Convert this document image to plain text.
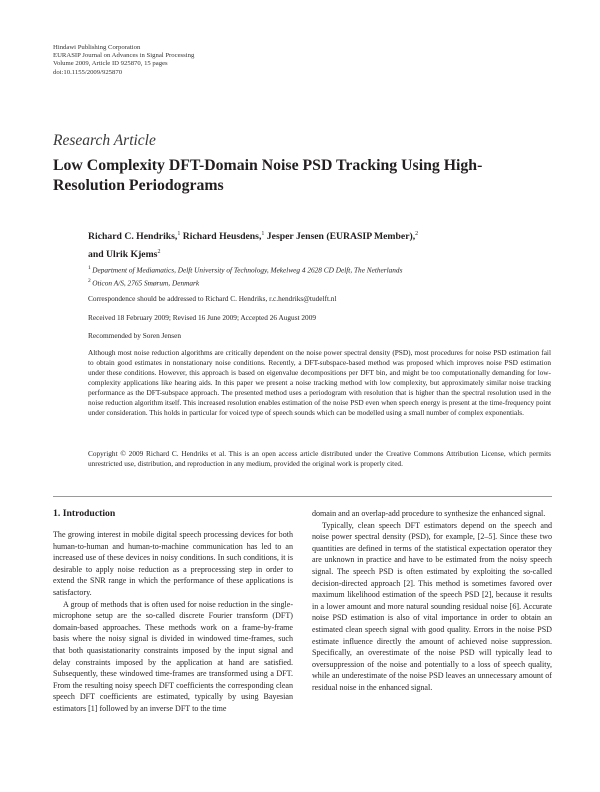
Hindawi Publishing Corporation
EURASIP Journal on Advances in Signal Processing
Volume 2009, Article ID 925870, 15 pages
doi:10.1155/2009/925870
Research Article
Low Complexity DFT-Domain Noise PSD Tracking Using High-Resolution Periodograms
Richard C. Hendriks,$^1$ Richard Heusdens,$^1$ Jesper Jensen (EURASIP Member),$^2$
and Ulrik Kjems$^2$
$^1$ Department of Mediamatics, Delft University of Technology, Mekelweg 4 2628 CD Delft, The Netherlands
$^2$ Oticon A/S, 2765 Smørum, Denmark
Correspondence should be addressed to Richard C. Hendriks, r.c.hendriks@tudelft.nl
Received 18 February 2009; Revised 16 June 2009; Accepted 26 August 2009
Recommended by Soren Jensen
Although most noise reduction algorithms are critically dependent on the noise power spectral density (PSD), most procedures for noise PSD estimation fail to obtain good estimates in nonstationary noise conditions. Recently, a DFT-subspace-based method was proposed which improves noise PSD estimation under these conditions. However, this approach is based on eigenvalue decompositions per DFT bin, and might be too computationally demanding for low-complexity applications like hearing aids. In this paper we present a noise tracking method with low complexity, but approximately similar noise tracking performance as the DFT-subspace approach. The presented method uses a periodogram with resolution that is higher than the spectral resolution used in the noise reduction algorithm itself. This increased resolution enables estimation of the noise PSD even when speech energy is present at the time-frequency point under consideration. This holds in particular for voiced type of speech sounds which can be modelled using a small number of complex exponentials.
Copyright © 2009 Richard C. Hendriks et al. This is an open access article distributed under the Creative Commons Attribution License, which permits unrestricted use, distribution, and reproduction in any medium, provided the original work is properly cited.
1. Introduction

The growing interest in mobile digital speech processing devices for both human-to-human and human-to-machine communication has led to an increased use of these devices in noisy conditions. In such conditions, it is desirable to apply noise reduction as a preprocessing step in order to extend the SNR range in which the performance of these applications is satisfactory.

A group of methods that is often used for noise reduction in the single-microphone setup are the so-called discrete Fourier transform (DFT) domain-based approaches. These methods work on a frame-by-frame basis where the noisy signal is divided in windowed time-frames, such that both quasistationarity constraints imposed by the input signal and delay constraints imposed by the application at hand are satisfied. Subsequently, these windowed time-frames are transformed using a DFT. From the resulting noisy speech DFT coefficients the corresponding clean speech DFT coefficients are estimated, typically by using Bayesian estimators [1] followed by an inverse DFT to the time

domain and an overlap-add procedure to synthesize the enhanced signal.

Typically, clean speech DFT estimators depend on the speech and noise power spectral density (PSD), for example, [2–5]. Since these two quantities are defined in terms of the statistical expectation operator they are unknown in practice and have to be estimated from the noisy speech signal. The speech PSD is often estimated by exploiting the so-called decision-directed approach [2]. This method is sometimes favored over maximum likelihood estimation of the speech PSD [2], because it results in a lower amount and more natural sounding residual noise [6]. Accurate noise PSD estimation is also of vital importance in order to obtain an estimated clean speech signal with good quality. Errors in the noise PSD estimate influence directly the amount of achieved noise suppression. Specifically, an overestimate of the noise PSD will typically lead to oversuppression of the noise and potentially to a loss of speech quality, while an underestimate of the noise PSD leaves an unnecessary amount of residual noise in the enhanced signal.
